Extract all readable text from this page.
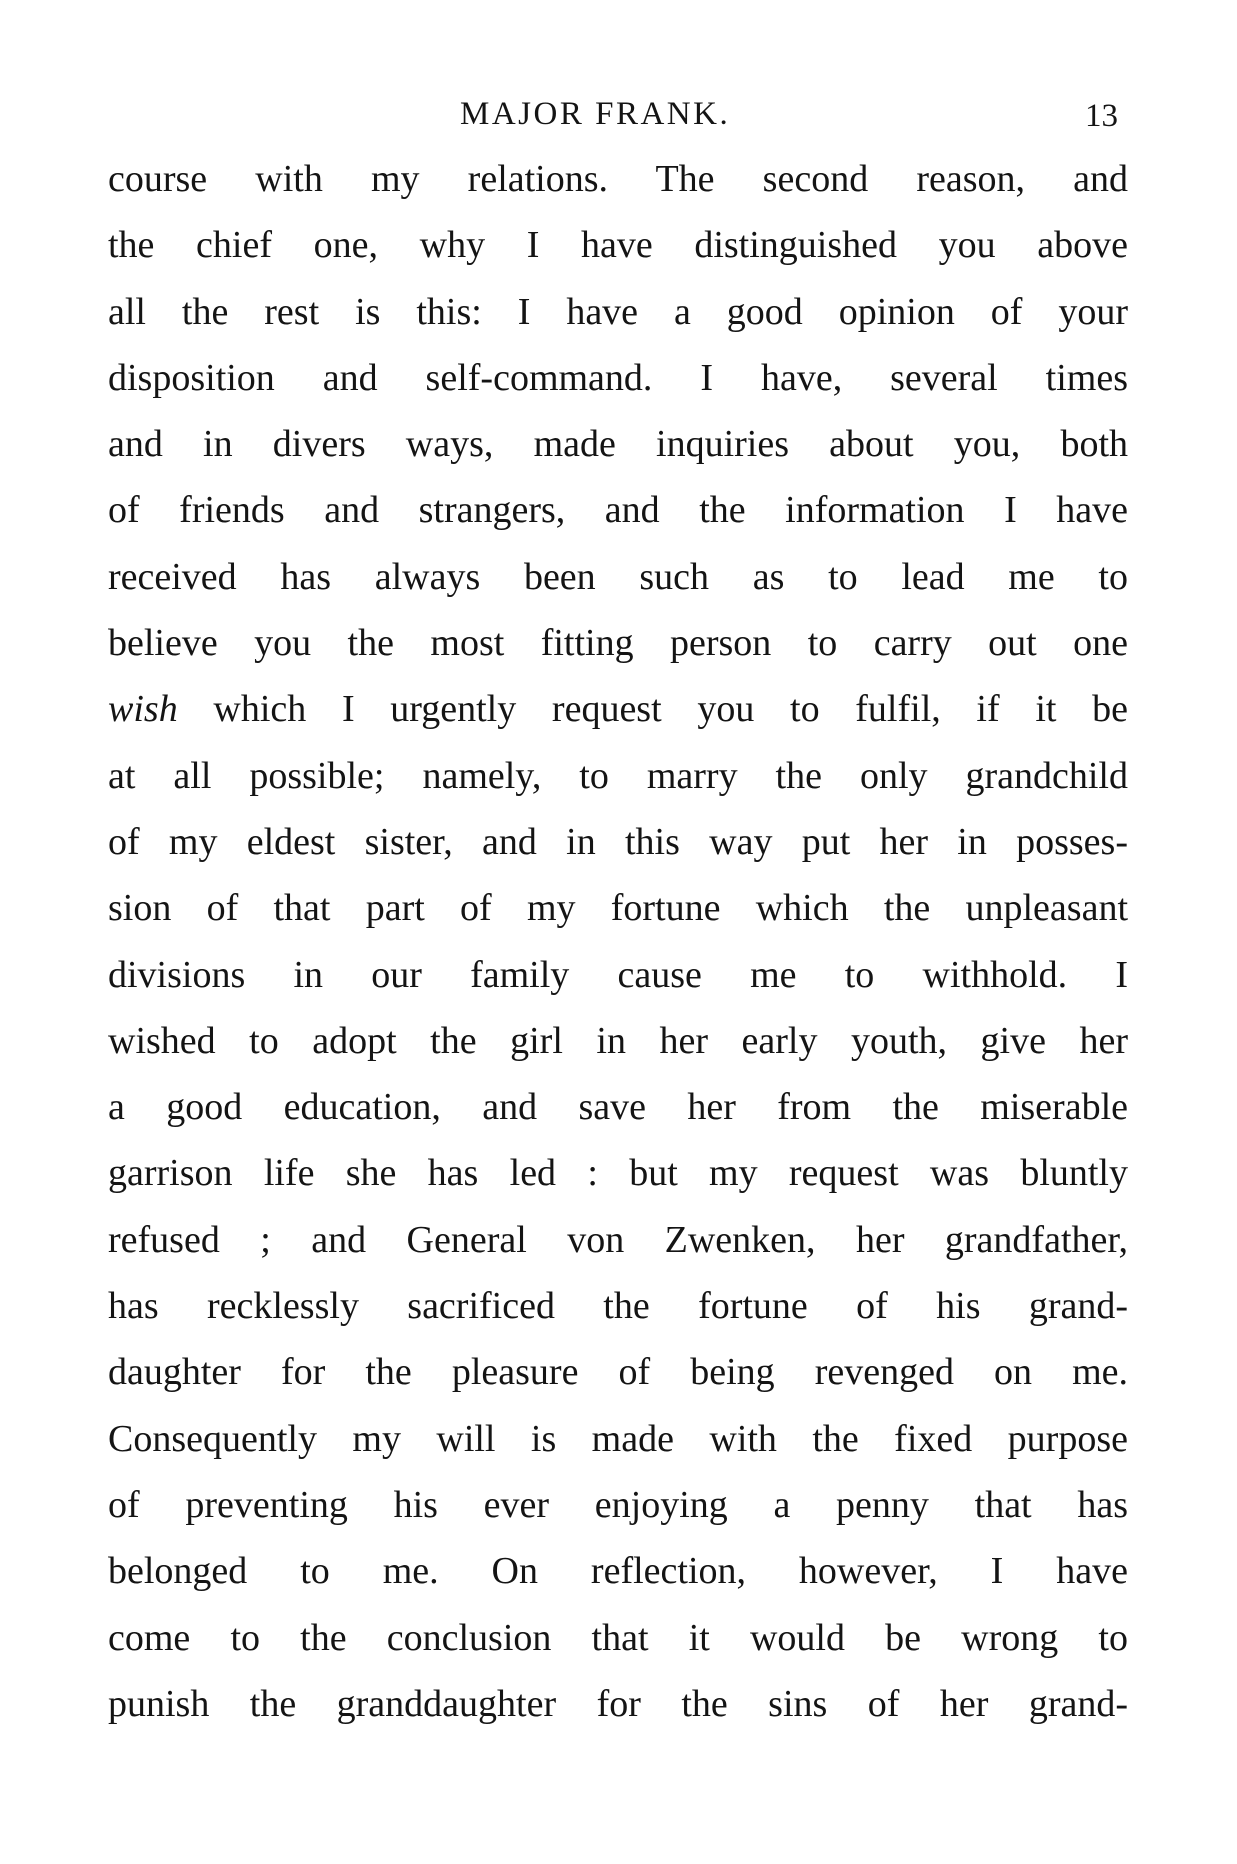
MAJOR FRANK.	13
course with my relations. The second reason, and
the chief one, why I have distinguished you above
all the rest is this: I have a good opinion of your
disposition and self-command. I have, several times
and in divers ways, made inquiries about you, both
of friends and strangers, and the information I have
received has always been such as to lead me to
believe you the most fitting person to carry out one
wish which I urgently request you to fulfil, if it be
at all possible; namely, to marry the only grandchild
of my eldest sister, and in this way put her in posses-
sion of that part of my fortune which the unpleasant
divisions in our family cause me to withhold. I
wished to adopt the girl in her early youth, give her
a good education, and save her from the miserable
garrison life she has led : but my request was bluntly
refused ; and General von Zwenken, her grandfather,
has recklessly sacrificed the fortune of his grand-
daughter for the pleasure of being revenged on me.
Consequently my will is made with the fixed purpose
of preventing his ever enjoying a penny that has
belonged to me. On reflection, however, I have
come to the conclusion that it would be wrong to
punish the granddaughter for the sins of her grand-
